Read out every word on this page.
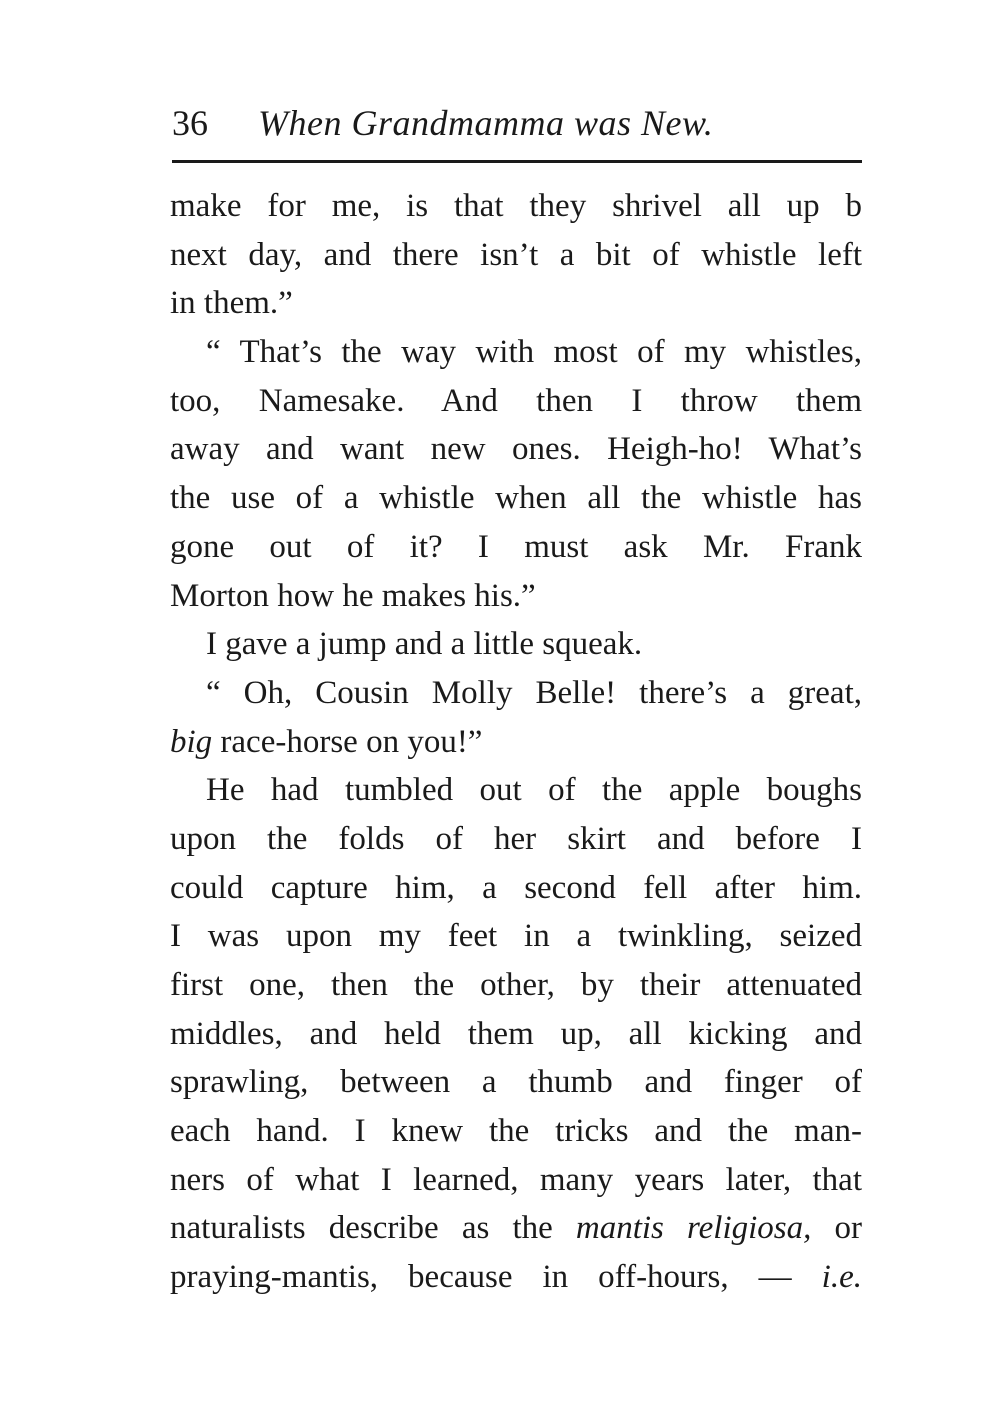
36 When Grandmamma was New.
make for me, is that they shrivel all up b
next day, and there isn’t a bit of whistle left
in them.”
“ That’s the way with most of my whistles,
too, Namesake. And then I throw them
away and want new ones. Heigh-ho! What’s
the use of a whistle when all the whistle has
gone out of it? I must ask Mr. Frank
Morton how he makes his.”
I gave a jump and a little squeak.
“ Oh, Cousin Molly Belle! there’s a great,
big race-horse on you!”
He had tumbled out of the apple boughs
upon the folds of her skirt and before I
could capture him, a second fell after him.
I was upon my feet in a twinkling, seized
first one, then the other, by their attenuated
middles, and held them up, all kicking and
sprawling, between a thumb and finger of
each hand. I knew the tricks and the man-
ners of what I learned, many years later, that
naturalists describe as the mantis religiosa, or
praying-mantis, because in off-hours, — i.e.
